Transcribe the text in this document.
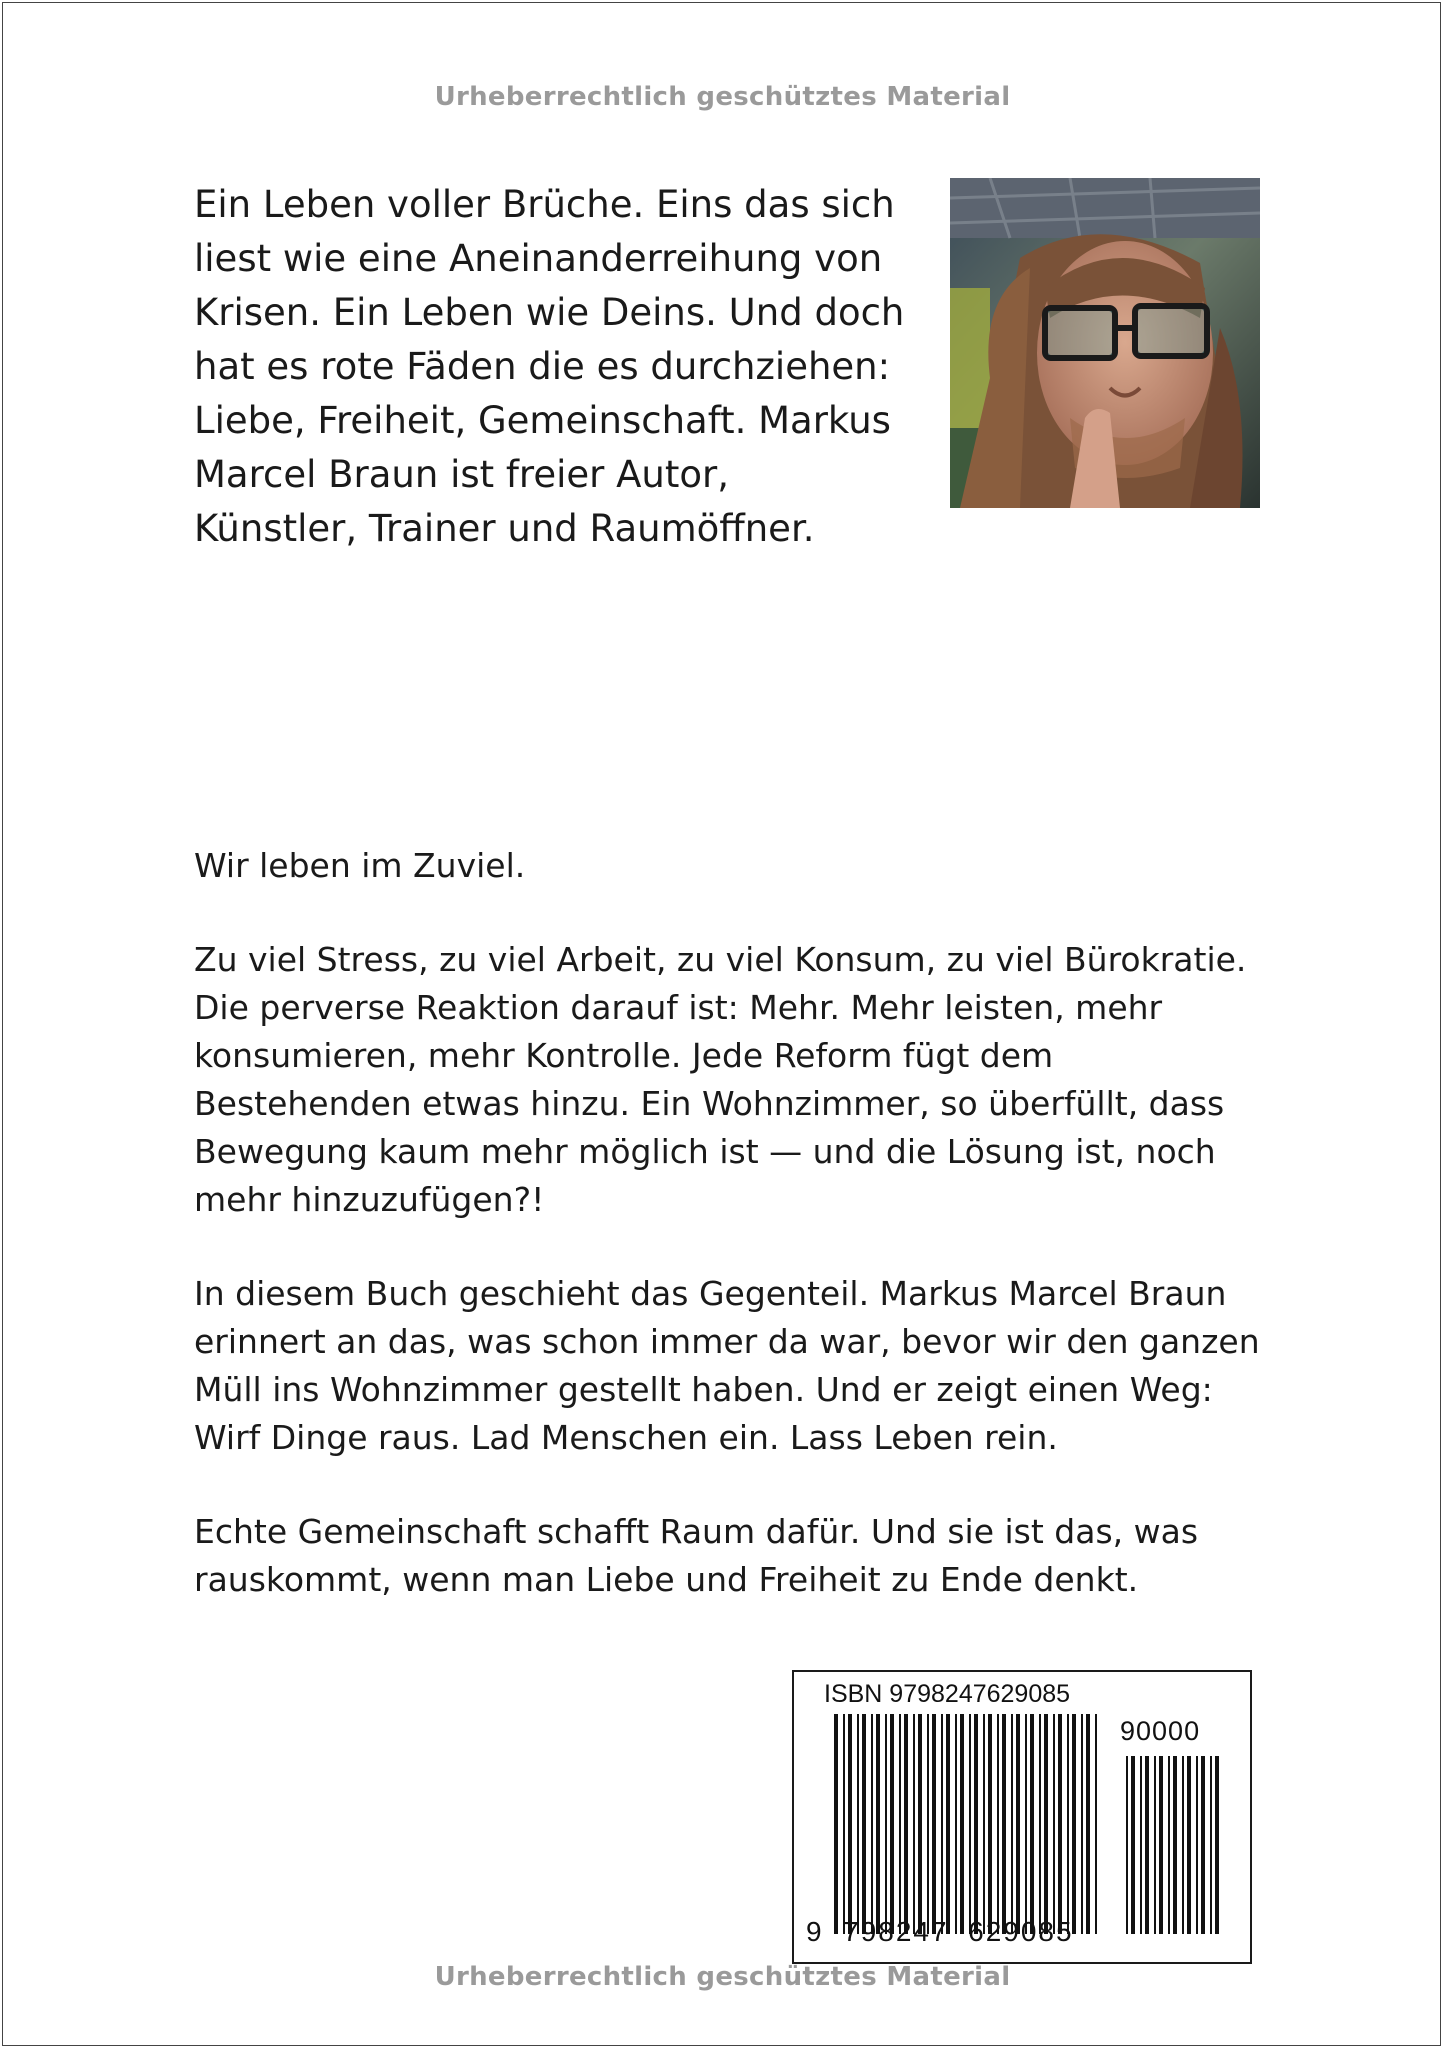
Urheberrechtlich geschütztes Material
Ein Leben voller Brüche. Eins das sich
liest wie eine Aneinanderreihung von
Krisen. Ein Leben wie Deins. Und doch
hat es rote Fäden die es durchziehen:
Liebe, Freiheit, Gemeinschaft. Markus
Marcel Braun ist freier Autor,
Künstler, Trainer und Raumöffner.

Wir leben im Zuviel.

Zu viel Stress, zu viel Arbeit, zu viel Konsum, zu viel Bürokratie.
Die perverse Reaktion darauf ist: Mehr. Mehr leisten, mehr
konsumieren, mehr Kontrolle. Jede Reform fügt dem
Bestehenden etwas hinzu. Ein Wohnzimmer, so überfüllt, dass
Bewegung kaum mehr möglich ist — und die Lösung ist, noch
mehr hinzuzufügen?!

In diesem Buch geschieht das Gegenteil. Markus Marcel Braun
erinnert an das, was schon immer da war, bevor wir den ganzen
Müll ins Wohnzimmer gestellt haben. Und er zeigt einen Weg:
Wirf Dinge raus. Lad Menschen ein. Lass Leben rein.

Echte Gemeinschaft schafft Raum dafür. Und sie ist das, was
rauskommt, wenn man Liebe und Freiheit zu Ende denkt.

ISBN 9798247629085
90000
9 798247 629085
Urheberrechtlich geschütztes Material
